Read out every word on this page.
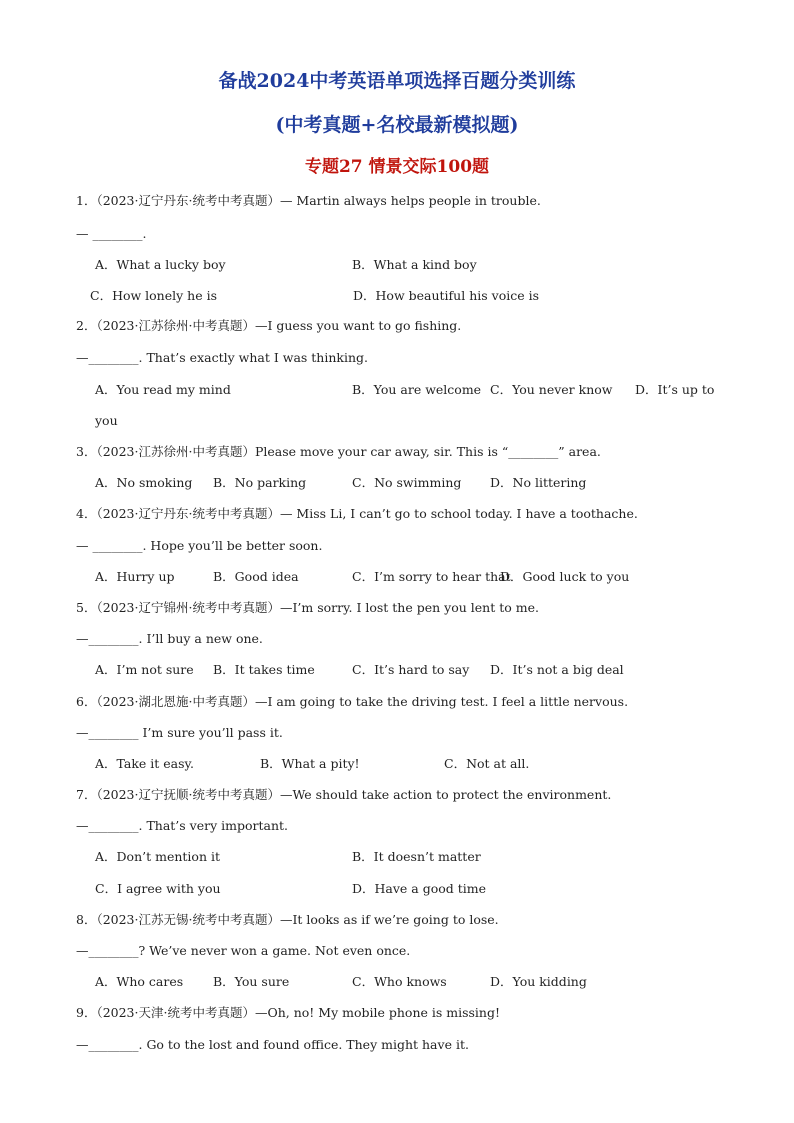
备战2024中考英语单项选择百题分类训练
(中考真题+名校最新模拟题)
专题27 情景交际100题
1．（2023·辽宁丹东·统考中考真题）— Martin always helps people in trouble.
— ________.
A．What a lucky boy	B．What a kind boy
C．How lonely he is	D．How beautiful his voice is
2．（2023·江苏徐州·中考真题）—I guess you want to go fishing.
—________. That’s exactly what I was thinking.
A．You read my mind	B．You are welcome C．You never know D．It’s up to
you
3．（2023·江苏徐州·中考真题）Please move your car away, sir. This is “________” area.
A．No smoking B．No parking	C．No swimming D．No littering
4．（2023·辽宁丹东·统考中考真题）— Miss Li, I can’t go to school today. I have a toothache.
— ________. Hope you’ll be better soon.
A．Hurry up	B．Good idea	C．I’m sorry to hear that
D．Good luck to you
5．（2023·辽宁锦州·统考中考真题）—I’m sorry. I lost the pen you lent to me.
—________. I’ll buy a new one.
A．I’m not sure B．It takes time	C．It’s hard to say D．It’s not a big deal
6．（2023·湖北恩施·中考真题）—I am going to take the driving test. I feel a little nervous.
—________ I’m sure you’ll pass it.
A．Take it easy.	B．What a pity!	C．Not at all.
7．（2023·辽宁抚顺·统考中考真题）—We should take action to protect the environment.
—________. That’s very important.
A．Don’t mention it	B．It doesn’t matter
C．I agree with you	D．Have a good time
8．（2023·江苏无锡·统考中考真题）—It looks as if we’re going to lose.
—________? We’ve never won a game. Not even once.
A．Who cares B．You sure	C．Who knows	D．You kidding
9．（2023·天津·统考中考真题）—Oh, no! My mobile phone is missing!
—________. Go to the lost and found office. They might have it.
